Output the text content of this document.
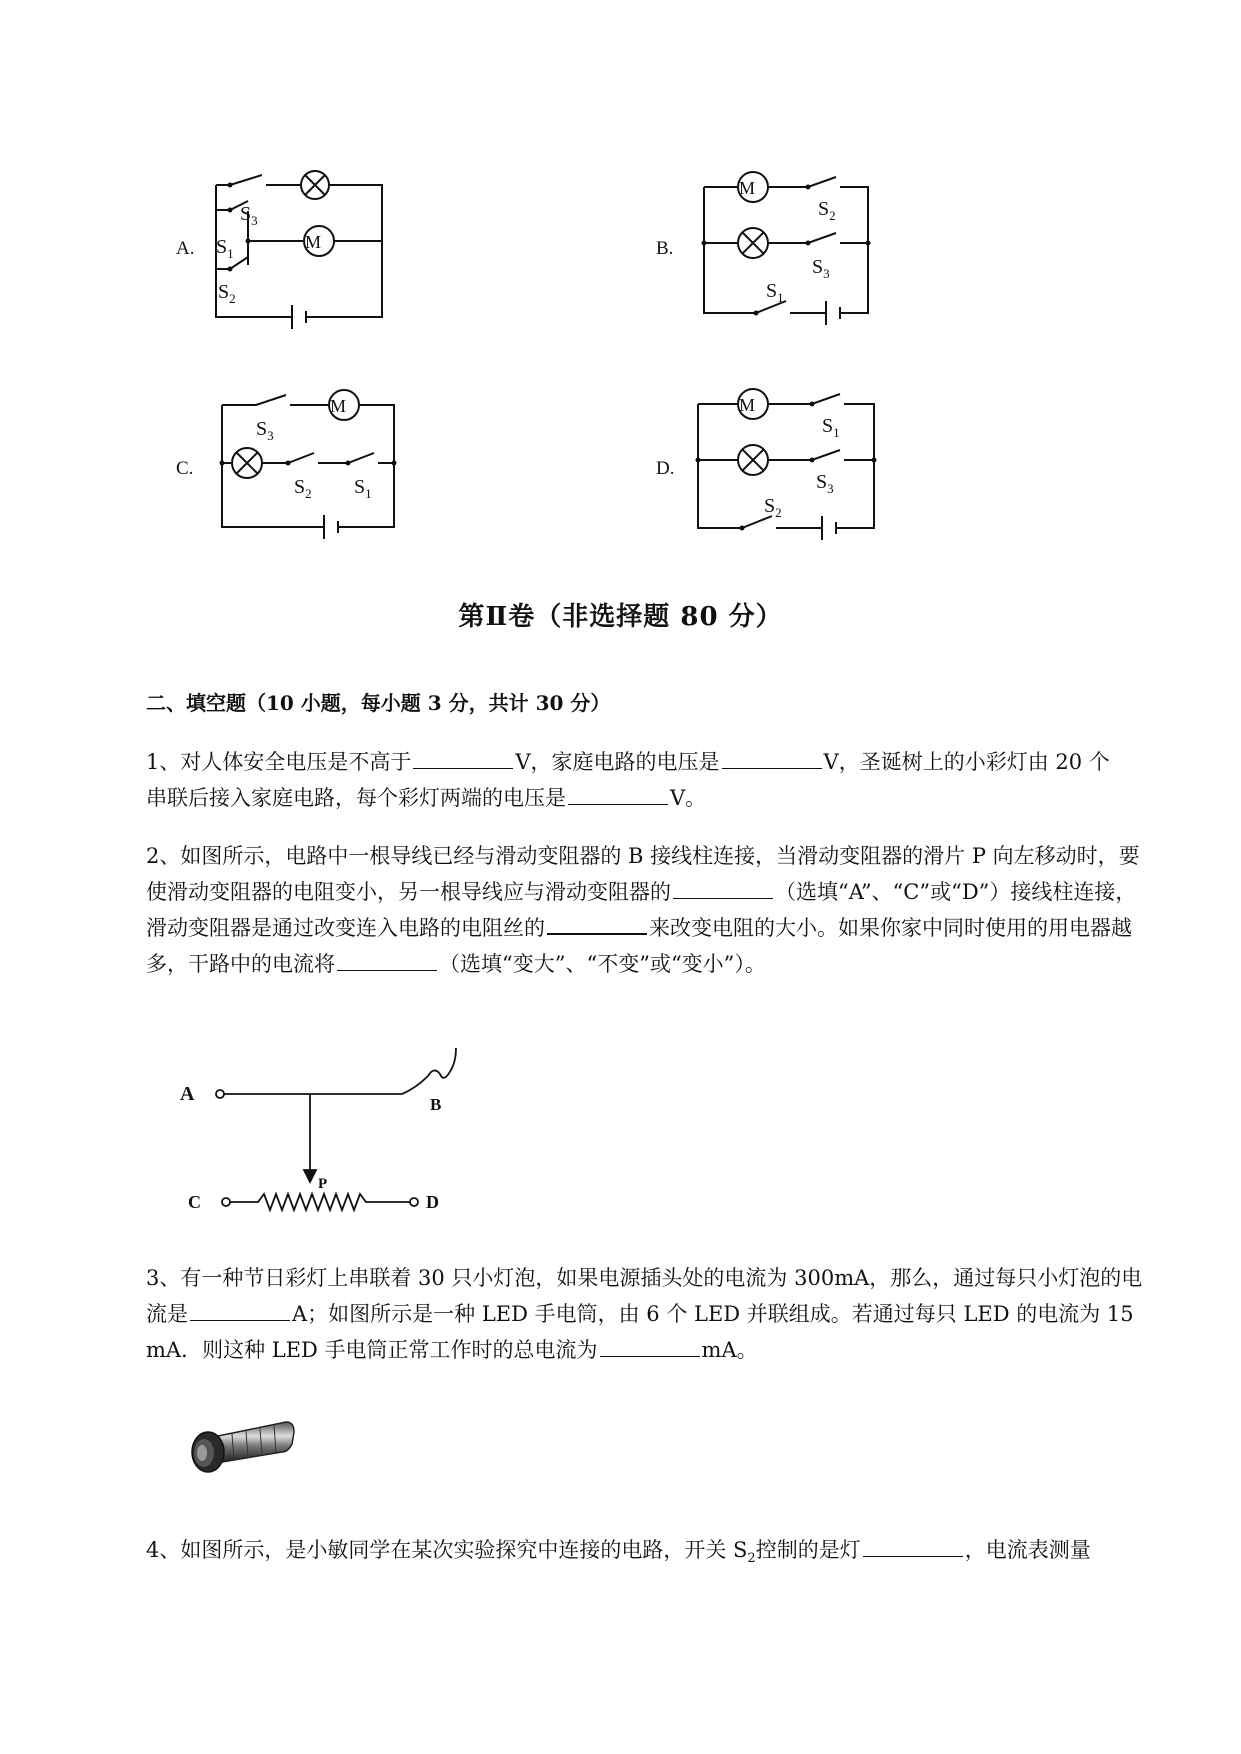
A.	M
$S_3$
$S_1$
$S_2$
B.
M
$S_2$
$S_3$
$S_1$
C.
M
$S_3$
$S_2$ $S_1$
D.
M
$S_1$
$S_3$
$S_2$
第Ⅱ卷（非选择题 80 分）
二、填空题（10 小题，每小题 3 分，共计 30 分）
1、对人体安全电压是不高于	V，家庭电路的电压是	V，圣诞树上的小彩灯由 20 个
串联后接入家庭电路，每个彩灯两端的电压是	V。
2、如图所示，电路中一根导线已经与滑动变阻器的 B 接线柱连接，当滑动变阻器的滑片 P 向左移动时，要使滑动变阻器的电阻变小，另一根导线应与滑动变阻器的	（选填“A”、“C”或“D”）接线柱连接，滑动变阻器是通过改变连入电路的电阻丝的	来改变电阻的大小。如果你家中同时使用的用电器越多，干路中的电流将	（选填“变大”、“不变”或“变小”）。
A	B
C	D
P
3、有一种节日彩灯上串联着 30 只小灯泡，如果电源插头处的电流为 300mA，那么，通过每只小灯泡的电流是	A；如图所示是一种 LED 手电筒，由 6 个 LED 并联组成。若通过每只 LED 的电流为 15 mA．则这种 LED 手电筒正常工作时的总电流为	mA。
4、如图所示，是小敏同学在某次实验探究中连接的电路，开关 $S_2$控制的是灯	，电流表测量
